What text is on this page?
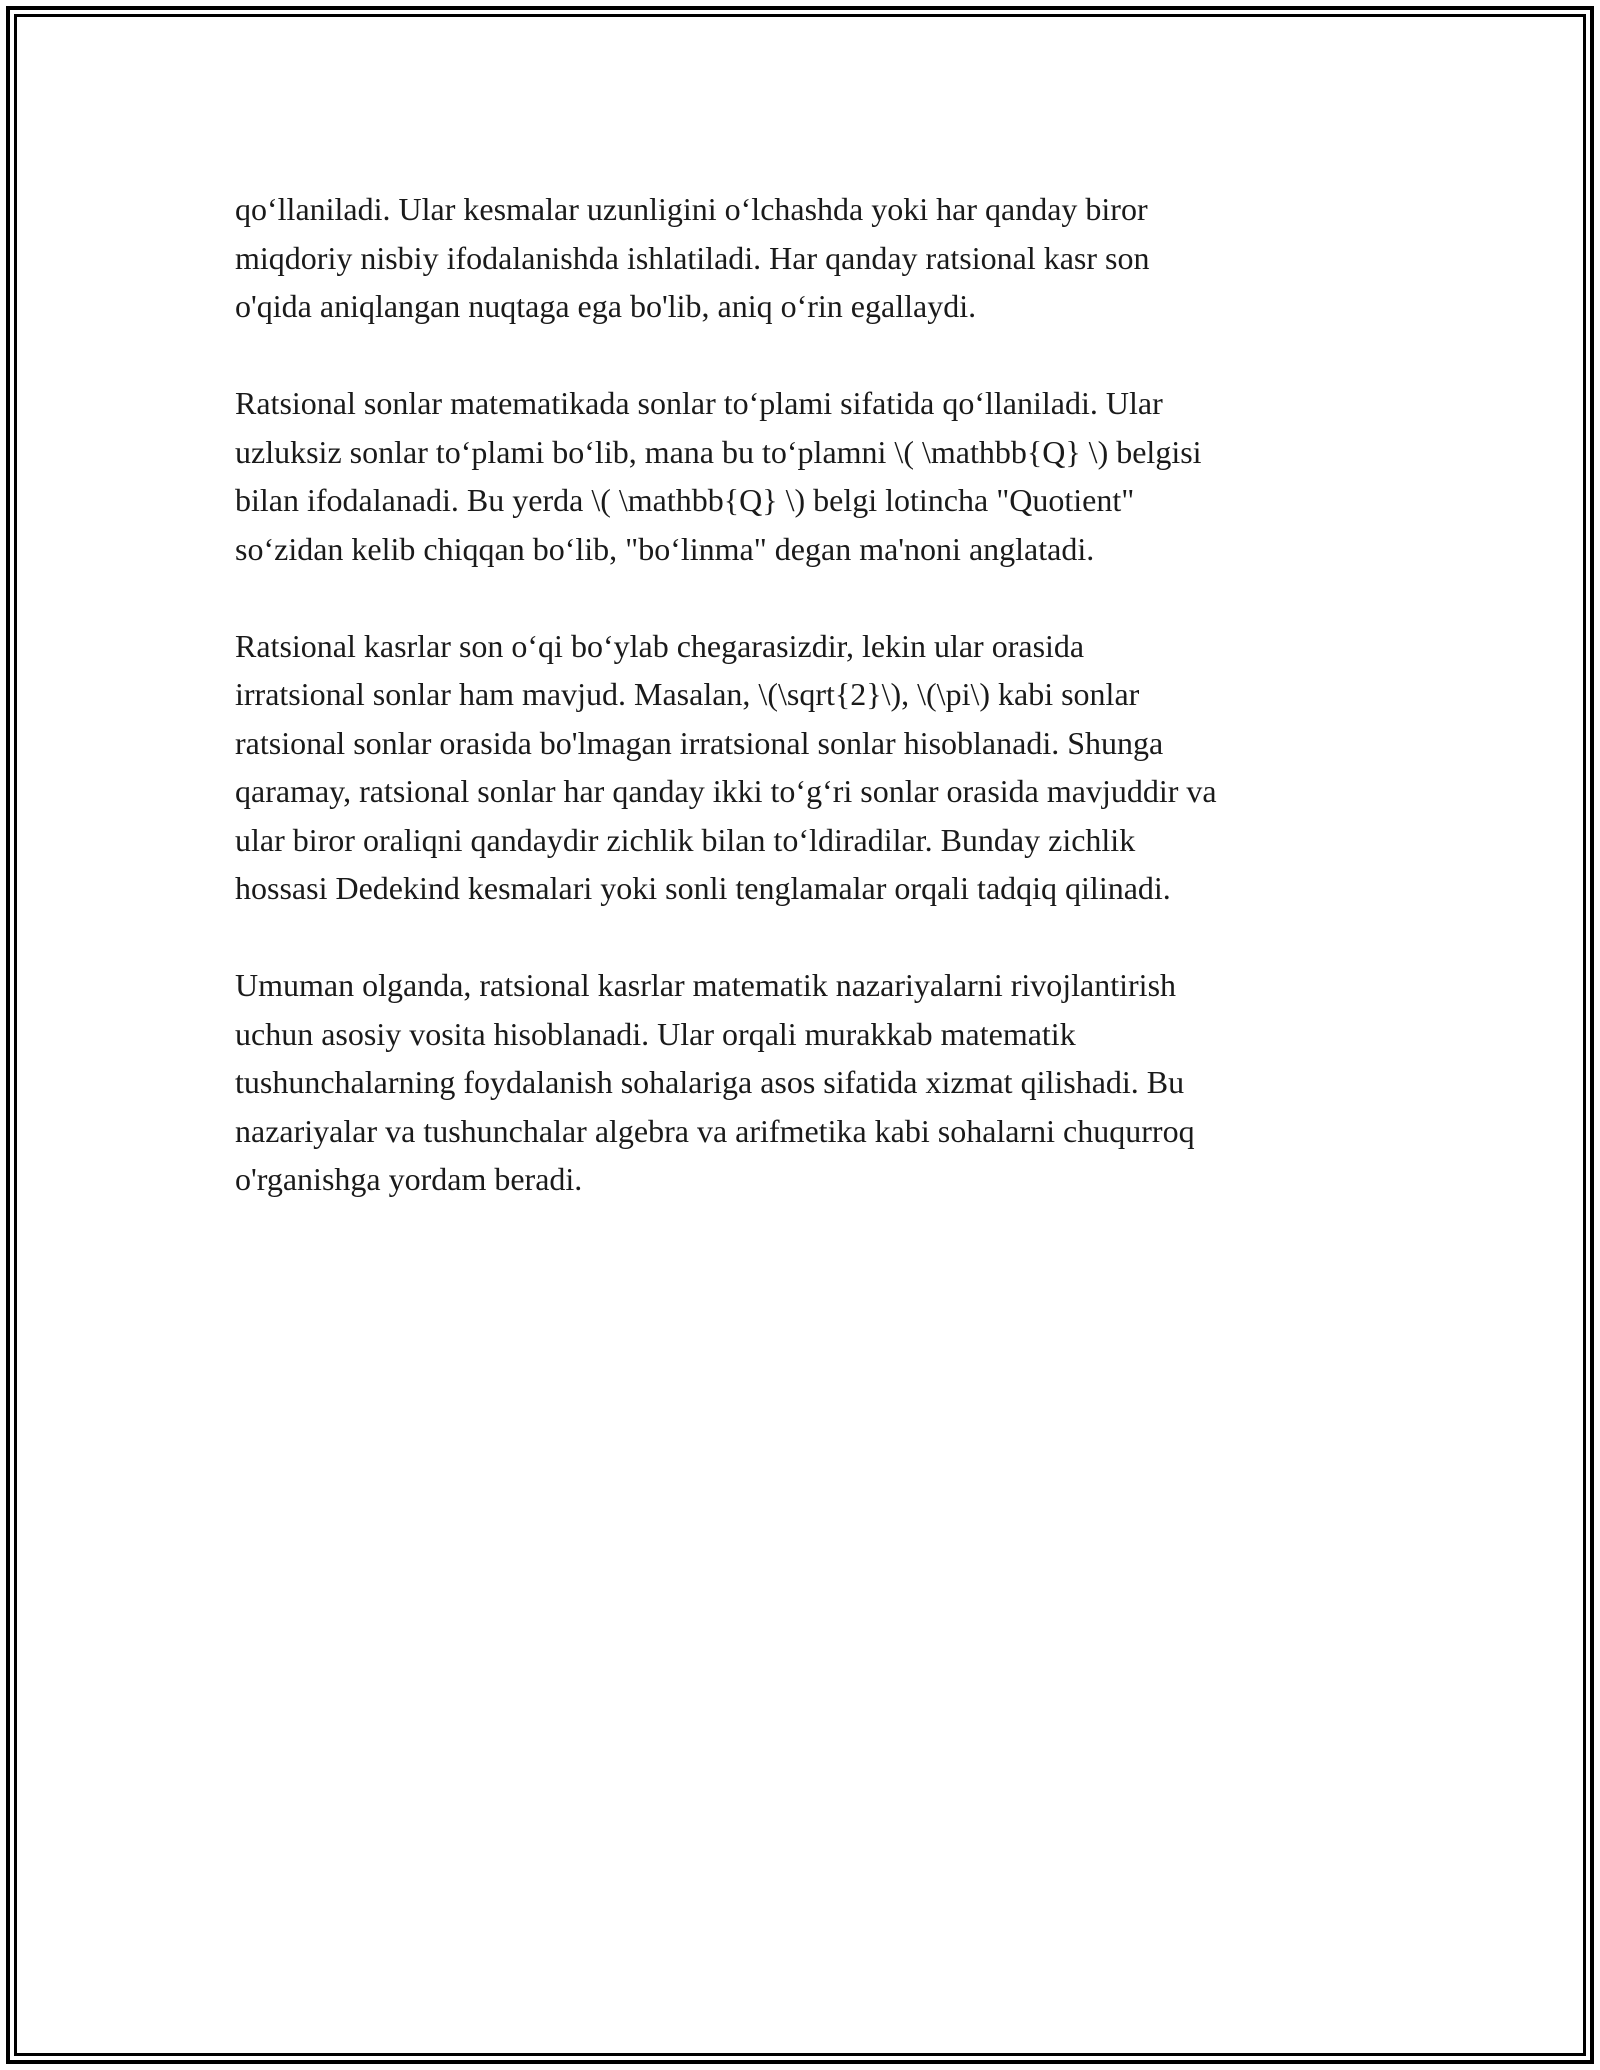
qo‘llaniladi. Ular kesmalar uzunligini o‘lchashda yoki har qanday biror
miqdoriy nisbiy ifodalanishda ishlatiladi. Har qanday ratsional kasr son
o'qida aniqlangan nuqtaga ega bo'lib, aniq o‘rin egallaydi.

Ratsional sonlar matematikada sonlar to‘plami sifatida qo‘llaniladi. Ular
uzluksiz sonlar to‘plami bo‘lib, mana bu to‘plamni \( \mathbb{Q} \) belgisi
bilan ifodalanadi. Bu yerda \( \mathbb{Q} \) belgi lotincha "Quotient"
so‘zidan kelib chiqqan bo‘lib, "bo‘linma" degan ma'noni anglatadi.

Ratsional kasrlar son o‘qi bo‘ylab chegarasizdir, lekin ular orasida
irratsional sonlar ham mavjud. Masalan, \(\sqrt{2}\), \(\pi\) kabi sonlar
ratsional sonlar orasida bo'lmagan irratsional sonlar hisoblanadi. Shunga
qaramay, ratsional sonlar har qanday ikki to‘g‘ri sonlar orasida mavjuddir va
ular biror oraliqni qandaydir zichlik bilan to‘ldiradilar. Bunday zichlik
hossasi Dedekind kesmalari yoki sonli tenglamalar orqali tadqiq qilinadi.

Umuman olganda, ratsional kasrlar matematik nazariyalarni rivojlantirish
uchun asosiy vosita hisoblanadi. Ular orqali murakkab matematik
tushunchalarning foydalanish sohalariga asos sifatida xizmat qilishadi. Bu
nazariyalar va tushunchalar algebra va arifmetika kabi sohalarni chuqurroq
o'rganishga yordam beradi.
